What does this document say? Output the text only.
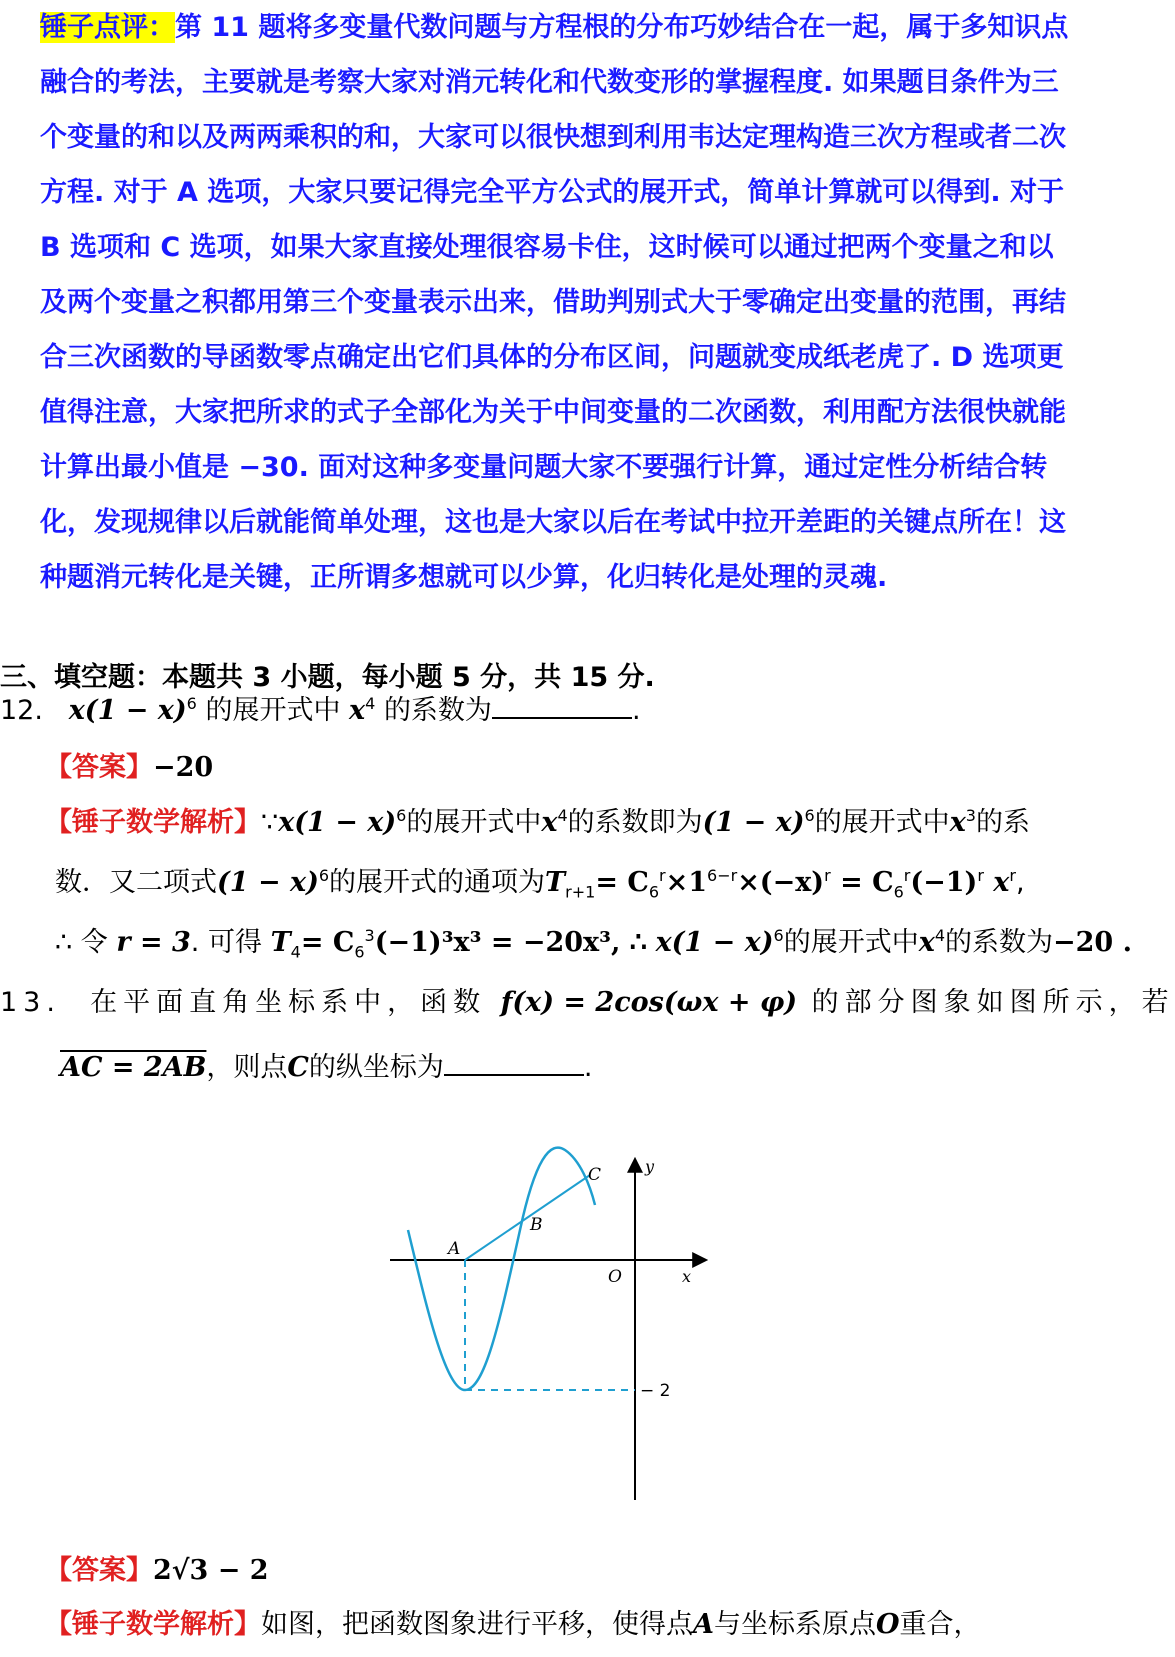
锤子点评：第 11 题将多变量代数问题与方程根的分布巧妙结合在一起，属于多知识点融合的考法，主要就是考察大家对消元转化和代数变形的掌握程度. 如果题目条件为三个变量的和以及两两乘积的和，大家可以很快想到利用韦达定理构造三次方程或者二次方程. 对于 A 选项，大家只要记得完全平方公式的展开式，简单计算就可以得到. 对于 B 选项和 C 选项，如果大家直接处理很容易卡住，这时候可以通过把两个变量之和以及两个变量之积都用第三个变量表示出来，借助判别式大于零确定出变量的范围，再结合三次函数的导函数零点确定出它们具体的分布区间，问题就变成纸老虎了. D 选项更值得注意，大家把所求的式子全部化为关于中间变量的二次函数，利用配方法很快就能计算出最小值是 −30. 面对这种多变量问题大家不要强行计算，通过定性分析结合转化，发现规律以后就能简单处理，这也是大家以后在考试中拉开差距的关键点所在！这种题消元转化是关键，正所谓多想就可以少算，化归转化是处理的灵魂.
三、填空题：本题共 3 小题，每小题 5 分，共 15 分.
12. $x(1 - x)^6$ 的展开式中 $x^4$ 的系数为	.
【答案】−20
【锤子数学解析】∵x(1 − x)$^6$的展开式中$x^4$的系数即为$(1 - x)^6$的展开式中$x^3$的系
数．又二项式$(1 - x)^6$的展开式的通项为$T_{r+1}= C_6^r\times 1^{6-r}\times(-x)^r = C_6^r(-1)^r$ $x^r$,
∴ 令 r = 3. 可得 $T_4= C_6^3(-1)^3x^3 = -20x^3$, ∴ $x(1 - x)^6$的展开式中$x^4$的系数为−20 .
13. 在平面直角坐标系中，函数 f(x) = 2cos(ωx + φ) 的部分图象如图所示，若
AC = 2AB，则点C的纵坐标为	.
y
x
O
A
B
C
− 2
【答案】2√3 − 2
【锤子数学解析】如图，把函数图象进行平移，使得点A与坐标系原点O重合，
